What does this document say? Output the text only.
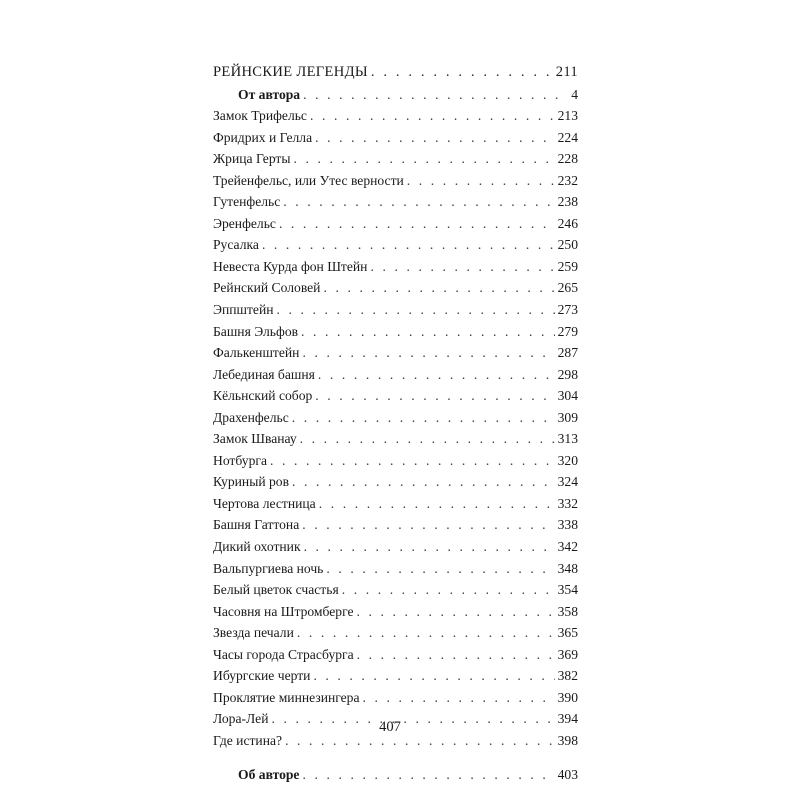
РЕЙНСКИЕ ЛЕГЕНДЫ . . .	211
От автора . . .	4
Замок Трифельс . . .	213
Фридрих и Гелла . . .	224
Жрица Герты . . .	228
Трейенфельс, или Утес верности . . .	232
Гутенфельс . . .	238
Эренфельс . . .	246
Русалка . . .	250
Невеста Курда фон Штейн . . .	259
Рейнский Соловей . . .	265
Эппштейн . . .	273
Башня Эльфов . . .	279
Фалькенштейн . . .	287
Лебединая башня . . .	298
Кёльнский собор . . .	304
Драхенфельс . . .	309
Замок Шванау . . .	313
Нотбурга . . .	320
Куриный ров . . .	324
Чертова лестница . . .	332
Башня Гаттона . . .	338
Дикий охотник . . .	342
Вальпургиева ночь . . .	348
Белый цветок счастья . . .	354
Часовня на Штромберге . . .	358
Звезда печали . . .	365
Часы города Страсбурга . . .	369
Ибургские черти . . .	382
Проклятие миннезингера . . .	390
Лора-Лей . . .	394
Где истина? . . .	398
Об авторе . . .	403
407
